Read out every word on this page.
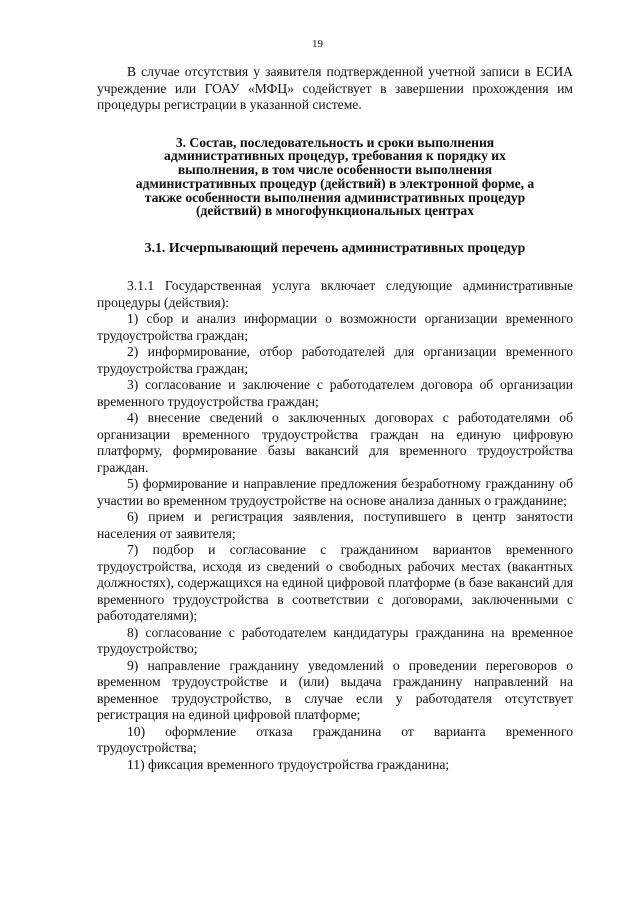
19

В случае отсутствия у заявителя подтвержденной учетной записи в ЕСИА учреждение или ГОАУ «МФЦ» содействует в завершении прохождения им процедуры регистрации в указанной системе.

3. Состав, последовательность и сроки выполнения административных процедур, требования к порядку их выполнения, в том числе особенности выполнения административных процедур (действий) в электронной форме, а также особенности выполнения административных процедур (действий) в многофункциональных центрах
3.1. Исчерпывающий перечень административных процедур

3.1.1 Государственная услуга включает следующие административные процедуры (действия):

1) сбор и анализ информации о возможности организации временного трудоустройства граждан;

2) информирование, отбор работодателей для организации временного трудоустройства граждан;

3) согласование и заключение с работодателем договора об организации временного трудоустройства граждан;

4) внесение сведений о заключенных договорах с работодателями об организации временного трудоустройства граждан на единую цифровую платформу, формирование базы вакансий для временного трудоустройства граждан.

5) формирование и направление предложения безработному гражданину об участии во временном трудоустройстве на основе анализа данных о гражданине;

6) прием и регистрация заявления, поступившего в центр занятости населения от заявителя;

7) подбор и согласование с гражданином вариантов временного трудоустройства, исходя из сведений о свободных рабочих местах (вакантных должностях), содержащихся на единой цифровой платформе (в базе вакансий для временного трудоустройства в соответствии с договорами, заключенными с работодателями);

8) согласование с работодателем кандидатуры гражданина на временное трудоустройство;

9) направление гражданину уведомлений о проведении переговоров о временном трудоустройстве и (или) выдача гражданину направлений на временное трудоустройство, в случае если у работодателя отсутствует регистрация на единой цифровой платформе;

10) оформление отказа гражданина от варианта временного трудоустройства;

11) фиксация временного трудоустройства гражданина;
